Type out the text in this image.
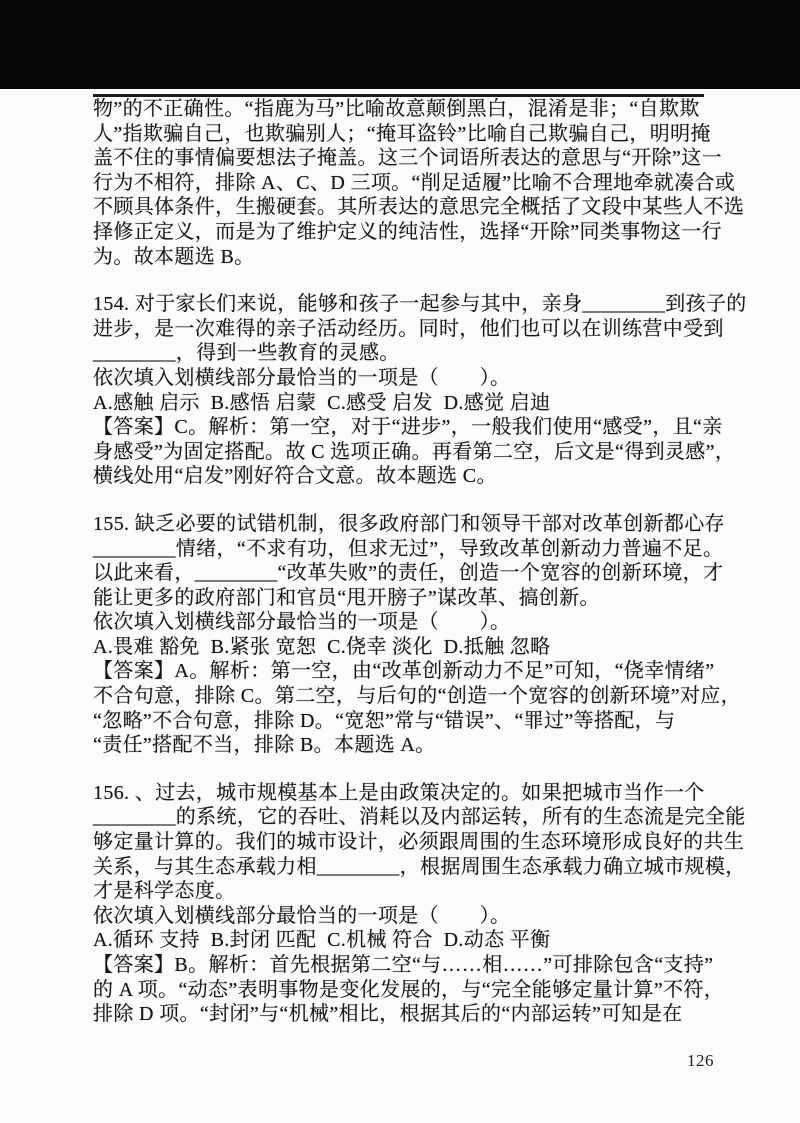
物”的不正确性。“指鹿为马”比喻故意颠倒黑白，混淆是非；“自欺欺
人”指欺骗自己，也欺骗别人；“掩耳盗铃”比喻自己欺骗自己，明明掩
盖不住的事情偏要想法子掩盖。这三个词语所表达的意思与“开除”这一
行为不相符，排除 A、C、D 三项。“削足适履”比喻不合理地牵就凑合或
不顾具体条件，生搬硬套。其所表达的意思完全概括了文段中某些人不选
择修正定义，而是为了维护定义的纯洁性，选择“开除”同类事物这一行
为。故本题选 B。
154. 对于家长们来说，能够和孩子一起参与其中，亲身________到孩子的
进步，是一次难得的亲子活动经历。同时，他们也可以在训练营中受到
________，得到一些教育的灵感。
依次填入划横线部分最恰当的一项是（　　）。
A.感触 启示  B.感悟 启蒙  C.感受 启发  D.感觉 启迪
【答案】C。解析：第一空，对于“进步”，一般我们使用“感受”，且“亲
身感受”为固定搭配。故 C 选项正确。再看第二空，后文是“得到灵感”，
横线处用“启发”刚好符合文意。故本题选 C。
155. 缺乏必要的试错机制，很多政府部门和领导干部对改革创新都心存
________情绪，“不求有功，但求无过”，导致改革创新动力普遍不足。
以此来看，________“改革失败”的责任，创造一个宽容的创新环境，才
能让更多的政府部门和官员“甩开膀子”谋改革、搞创新。
依次填入划横线部分最恰当的一项是（　　）。
A.畏难 豁免  B.紧张 宽恕  C.侥幸 淡化  D.抵触 忽略
【答案】A。解析：第一空，由“改革创新动力不足”可知，“侥幸情绪”
不合句意，排除 C。第二空，与后句的“创造一个宽容的创新环境”对应，
“忽略”不合句意，排除 D。“宽恕”常与“错误”、“罪过”等搭配，与
“责任”搭配不当，排除 B。本题选 A。
156. 、过去，城市规模基本上是由政策决定的。如果把城市当作一个
________的系统，它的吞吐、消耗以及内部运转，所有的生态流是完全能
够定量计算的。我们的城市设计，必须跟周围的生态环境形成良好的共生
关系，与其生态承载力相________，根据周围生态承载力确立城市规模，
才是科学态度。
依次填入划横线部分最恰当的一项是（　　）。
A.循环 支持  B.封闭 匹配  C.机械 符合  D.动态 平衡
【答案】B。解析：首先根据第二空“与……相……”可排除包含“支持”
的 A 项。“动态”表明事物是变化发展的，与“完全能够定量计算”不符，
排除 D 项。“封闭”与“机械”相比，根据其后的“内部运转”可知是在
126
